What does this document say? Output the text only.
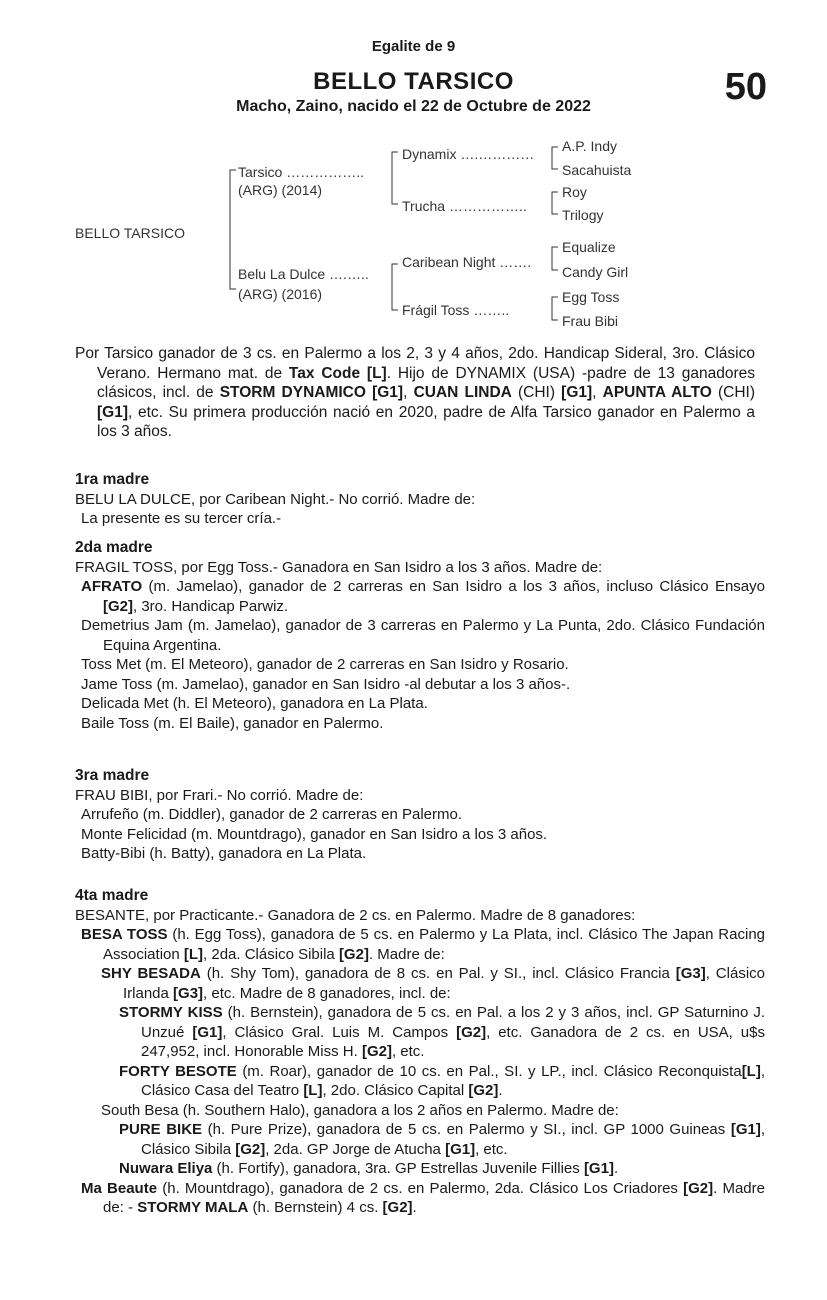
Egalite de 9
BELLO TARSICO	50
Macho, Zaino, nacido el 22 de Octubre de 2022
BELLO TARSICO
Tarsico ……………..
(ARG) (2014)
Belu La Dulce ….…..
(ARG) (2016)
Dynamix ….…………
Trucha ……………..
Caribean Night …….
Frágil Toss ……..
A.P. Indy
Sacahuista
Roy
Trilogy
Equalize
Candy Girl
Egg Toss
Frau Bibi

Por Tarsico ganador de 3 cs. en Palermo a los 2, 3 y 4 años, 2do. Handicap Sideral, 3ro. Clásico Verano. Hermano mat. de Tax Code [L]. Hijo de DYNAMIX (USA) -padre de 13 ganadores clásicos, incl. de STORM DYNAMICO [G1], CUAN LINDA (CHI) [G1], APUNTA ALTO (CHI) [G1], etc. Su primera producción nació en 2020, padre de Alfa Tarsico ganador en Palermo a los 3 años.

1ra madre

BELU LA DULCE, por Caribean Night.- No corrió. Madre de:

La presente es su tercer cría.-

2da madre

FRAGIL TOSS, por Egg Toss.- Ganadora en San Isidro a los 3 años. Madre de:

AFRATO (m. Jamelao), ganador de 2 carreras en San Isidro a los 3 años, incluso Clásico Ensayo [G2], 3ro. Handicap Parwiz.

Demetrius Jam (m. Jamelao), ganador de 3 carreras en Palermo y La Punta, 2do. Clásico Fundación Equina Argentina.

Toss Met (m. El Meteoro), ganador de 2 carreras en San Isidro y Rosario.

Jame Toss (m. Jamelao), ganador en San Isidro -al debutar a los 3 años-.

Delicada Met (h. El Meteoro), ganadora en La Plata.

Baile Toss (m. El Baile), ganador en Palermo.

3ra madre

FRAU BIBI, por Frari.- No corrió. Madre de:

Arrufeño (m. Diddler), ganador de 2 carreras en Palermo.

Monte Felicidad (m. Mountdrago), ganador en San Isidro a los 3 años.

Batty-Bibi (h. Batty), ganadora en La Plata.

4ta madre

BESANTE, por Practicante.- Ganadora de 2 cs. en Palermo. Madre de 8 ganadores:

BESA TOSS (h. Egg Toss), ganadora de 5 cs. en Palermo y La Plata, incl. Clásico The Japan Racing Association [L], 2da. Clásico Sibila [G2]. Madre de:

SHY BESADA (h. Shy Tom), ganadora de 8 cs. en Pal. y SI., incl. Clásico Francia [G3], Clásico Irlanda [G3], etc. Madre de 8 ganadores, incl. de:

STORMY KISS (h. Bernstein), ganadora de 5 cs. en Pal. a los 2 y 3 años, incl. GP Saturnino J. Unzué [G1], Clásico Gral. Luis M. Campos [G2], etc. Ganadora de 2 cs. en USA, u$s 247,952, incl. Honorable Miss H. [G2], etc.

FORTY BESOTE (m. Roar), ganador de 10 cs. en Pal., SI. y LP., incl. Clásico Reconquista[L], Clásico Casa del Teatro [L], 2do. Clásico Capital [G2].

South Besa (h. Southern Halo), ganadora a los 2 años en Palermo. Madre de:

PURE BIKE (h. Pure Prize), ganadora de 5 cs. en Palermo y SI., incl. GP 1000 Guineas [G1], Clásico Sibila [G2], 2da. GP Jorge de Atucha [G1], etc.

Nuwara Eliya (h. Fortify), ganadora, 3ra. GP Estrellas Juvenile Fillies [G1].

Ma Beaute (h. Mountdrago), ganadora de 2 cs. en Palermo, 2da. Clásico Los Criadores [G2]. Madre de: - STORMY MALA (h. Bernstein) 4 cs. [G2].
